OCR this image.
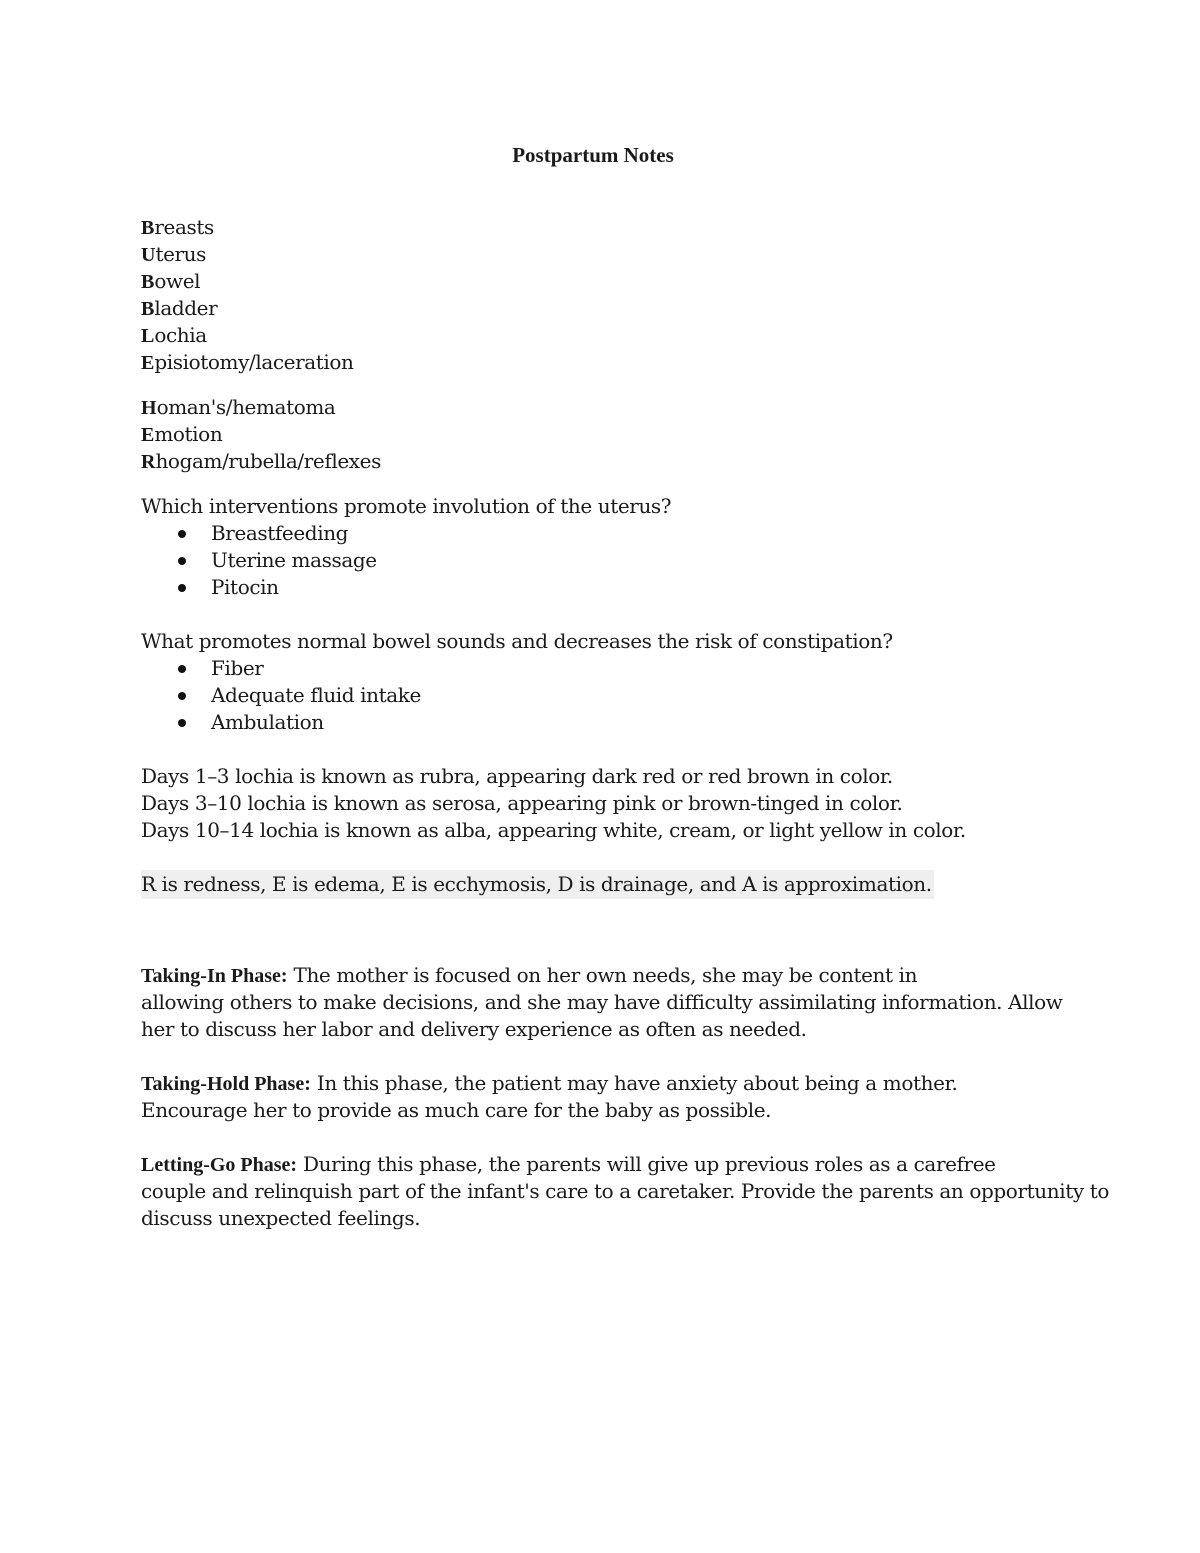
Postpartum Notes
Breasts
Uterus
Bowel
Bladder
Lochia
Episiotomy/laceration
Homan's/hematoma
Emotion
Rhogam/rubella/reflexes
Which interventions promote involution of the uterus?
Breastfeeding
Uterine massage
Pitocin
What promotes normal bowel sounds and decreases the risk of constipation?
Fiber
Adequate fluid intake
Ambulation
Days 1–3 lochia is known as rubra, appearing dark red or red brown in color.
Days 3–10 lochia is known as serosa, appearing pink or brown-tinged in color.
Days 10–14 lochia is known as alba, appearing white, cream, or light yellow in color.
R is redness, E is edema, E is ecchymosis, D is drainage, and A is approximation.
Taking-In Phase: The mother is focused on her own needs, she may be content in
allowing others to make decisions, and she may have difficulty assimilating information. Allow
her to discuss her labor and delivery experience as often as needed.
Taking-Hold Phase: In this phase, the patient may have anxiety about being a mother.
Encourage her to provide as much care for the baby as possible.
Letting-Go Phase: During this phase, the parents will give up previous roles as a carefree
couple and relinquish part of the infant's care to a caretaker. Provide the parents an opportunity to
discuss unexpected feelings.
